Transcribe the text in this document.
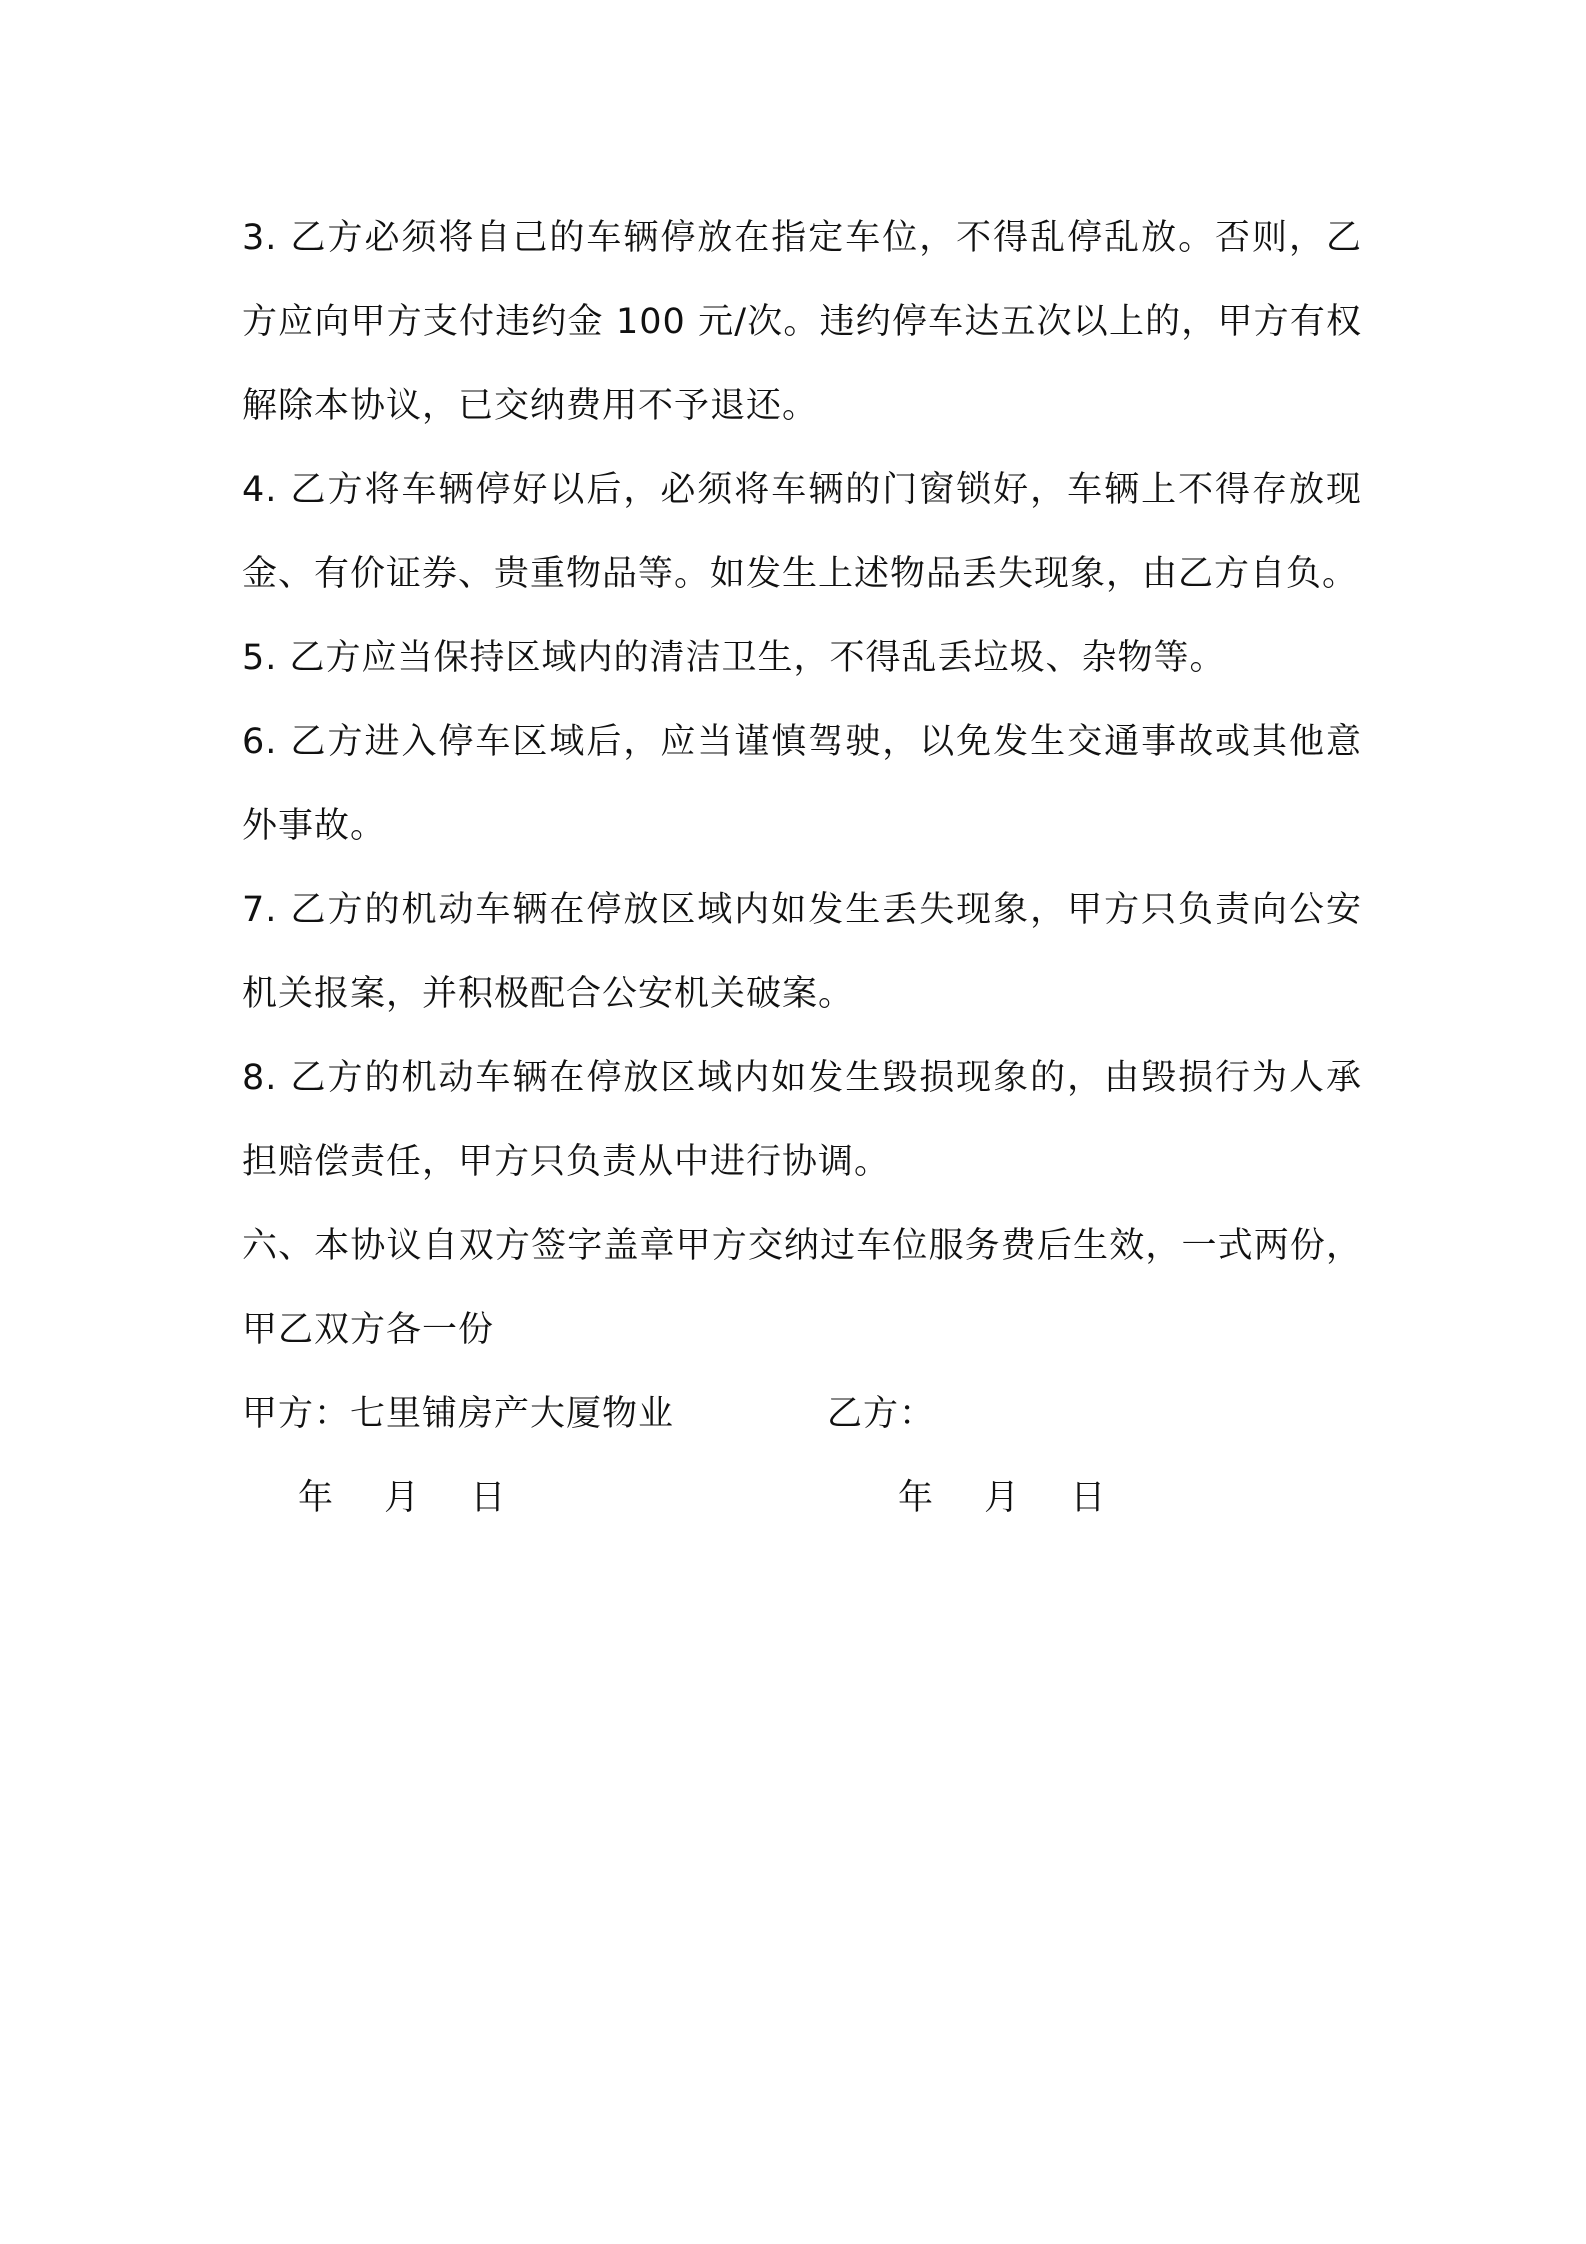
3. 乙方必须将自己的车辆停放在指定车位，不得乱停乱放。否则，乙方应向甲方支付违约金 100 元/次。违约停车达五次以上的，甲方有权解除本协议，已交纳费用不予退还。

4. 乙方将车辆停好以后，必须将车辆的门窗锁好，车辆上不得存放现金、有价证券、贵重物品等。如发生上述物品丢失现象，由乙方自负。

5. 乙方应当保持区域内的清洁卫生，不得乱丢垃圾、杂物等。

6. 乙方进入停车区域后，应当谨慎驾驶，以免发生交通事故或其他意外事故。

7. 乙方的机动车辆在停放区域内如发生丢失现象，甲方只负责向公安机关报案，并积极配合公安机关破案。

8. 乙方的机动车辆在停放区域内如发生毁损现象的，由毁损行为人承担赔偿责任，甲方只负责从中进行协调。

六、本协议自双方签字盖章甲方交纳过车位服务费后生效，一式两份，甲乙双方各一份

甲方：七里铺房产大厦物业	乙方：
年 月 日	年 月 日
